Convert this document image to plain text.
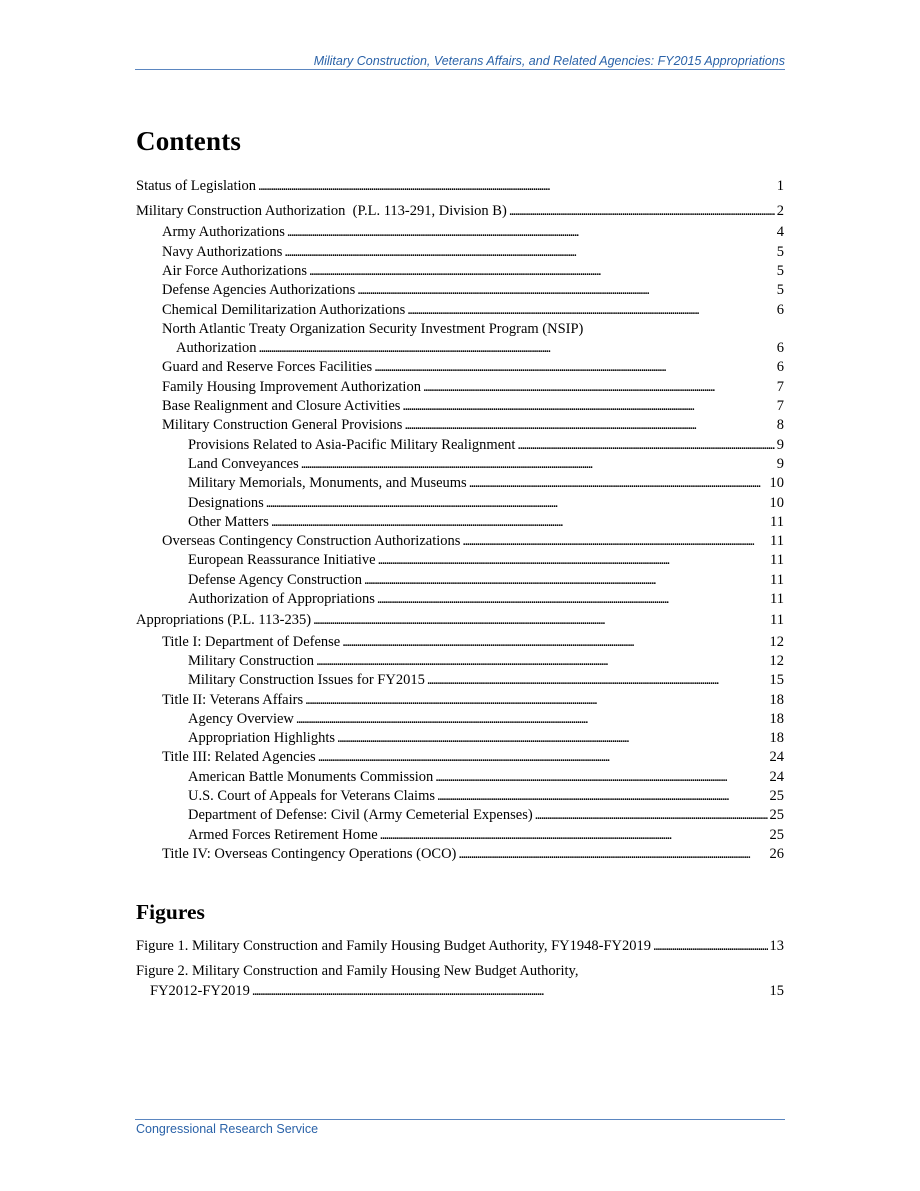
Military Construction, Veterans Affairs, and Related Agencies: FY2015 Appropriations
Contents
Status of Legislation . . .	1
Military Construction Authorization  (P.L. 113-291, Division B) . . .	2
Army Authorizations . . .	4
Navy Authorizations . . .	5
Air Force Authorizations . . .	5
Defense Agencies Authorizations . . .	5
Chemical Demilitarization Authorizations . . .	6
North Atlantic Treaty Organization Security Investment Program (NSIP)
Authorization . . .	6
Guard and Reserve Forces Facilities . . .	6
Family Housing Improvement Authorization . . .	7
Base Realignment and Closure Activities . . .	7
Military Construction General Provisions . . .	8
Provisions Related to Asia-Pacific Military Realignment . . .	9
Land Conveyances . . .	9
Military Memorials, Monuments, and Museums . . .	10
Designations . . .	10
Other Matters . . .	11
Overseas Contingency Construction Authorizations . . .	11
European Reassurance Initiative . . .	11
Defense Agency Construction . . .	11
Authorization of Appropriations . . .	11
Appropriations (P.L. 113-235) . . .	11
Title I: Department of Defense . . .	12
Military Construction . . .	12
Military Construction Issues for FY2015 . . .	15
Title II: Veterans Affairs . . .	18
Agency Overview . . .	18
Appropriation Highlights . . .	18
Title III: Related Agencies . . .	24
American Battle Monuments Commission . . .	24
U.S. Court of Appeals for Veterans Claims . . .	25
Department of Defense: Civil (Army Cemeterial Expenses) . . .	25
Armed Forces Retirement Home . . .	25
Title IV: Overseas Contingency Operations (OCO) . . .	26
Figures
Figure 1. Military Construction and Family Housing Budget Authority, FY1948-FY2019 . . .	13
Figure 2. Military Construction and Family Housing New Budget Authority,
FY2012-FY2019 . . .	15
Congressional Research Service
